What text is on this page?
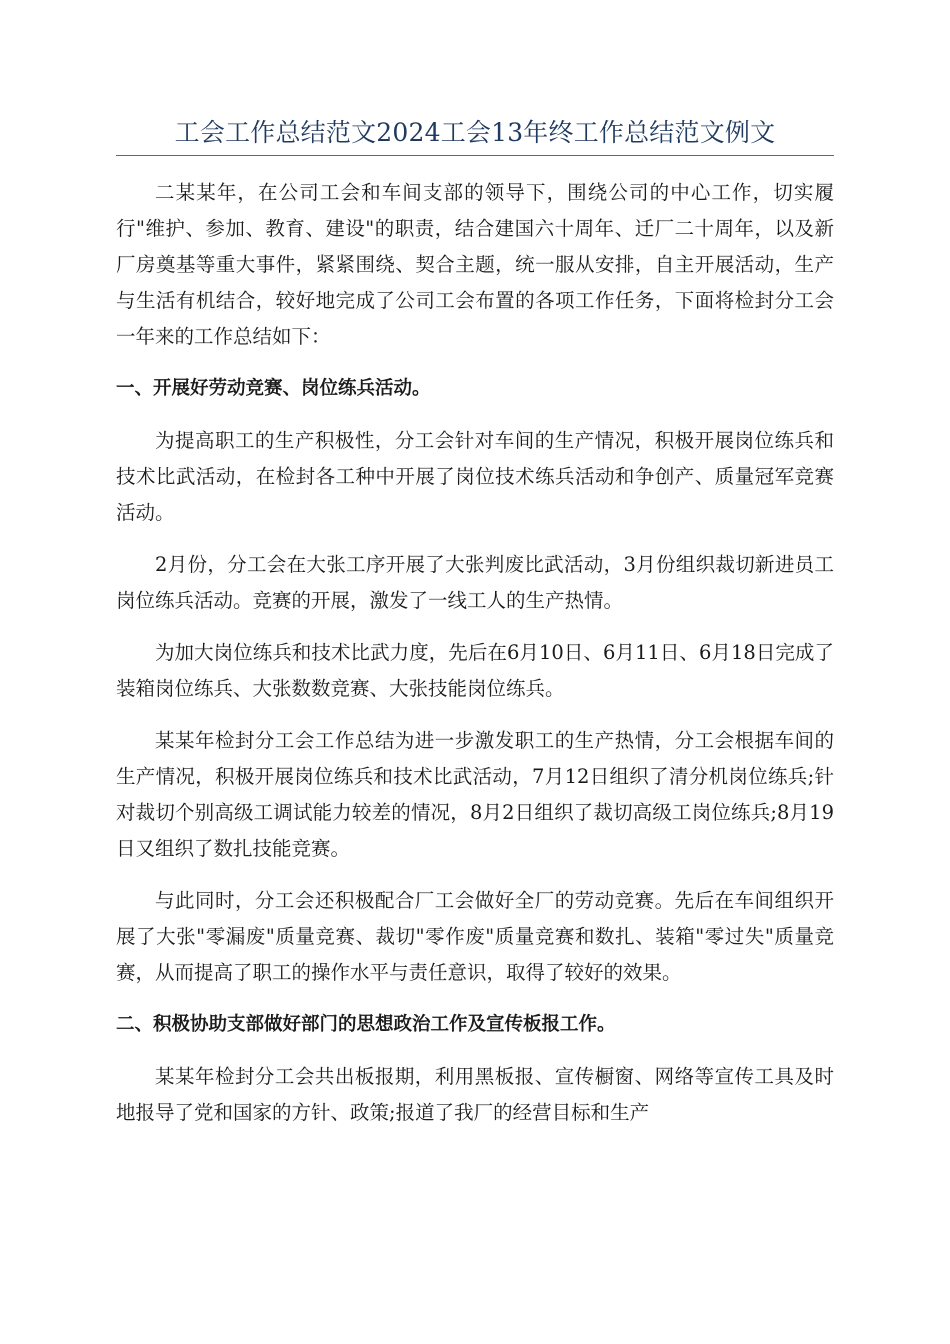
工会工作总结范文2024工会13年终工作总结范文例文

二某某年，在公司工会和车间支部的领导下，围绕公司的中心工作，切实履行"维护、参加、教育、建设"的职责，结合建国六十周年、迁厂二十周年，以及新厂房奠基等重大事件，紧紧围绕、契合主题，统一服从安排，自主开展活动，生产与生活有机结合，较好地完成了公司工会布置的各项工作任务，下面将检封分工会一年来的工作总结如下：

一、开展好劳动竞赛、岗位练兵活动。

为提高职工的生产积极性，分工会针对车间的生产情况，积极开展岗位练兵和技术比武活动，在检封各工种中开展了岗位技术练兵活动和争创产、质量冠军竞赛活动。

2月份，分工会在大张工序开展了大张判废比武活动，3月份组织裁切新进员工岗位练兵活动。竞赛的开展，激发了一线工人的生产热情。

为加大岗位练兵和技术比武力度，先后在6月10日、6月11日、6月18日完成了装箱岗位练兵、大张数数竞赛、大张技能岗位练兵。

某某年检封分工会工作总结为进一步激发职工的生产热情，分工会根据车间的生产情况，积极开展岗位练兵和技术比武活动，7月12日组织了清分机岗位练兵;针对裁切个别高级工调试能力较差的情况，8月2日组织了裁切高级工岗位练兵;8月19日又组织了数扎技能竞赛。

与此同时，分工会还积极配合厂工会做好全厂的劳动竞赛。先后在车间组织开展了大张"零漏废"质量竞赛、裁切"零作废"质量竞赛和数扎、装箱"零过失"质量竞赛，从而提高了职工的操作水平与责任意识，取得了较好的效果。

二、积极协助支部做好部门的思想政治工作及宣传板报工作。

某某年检封分工会共出板报期，利用黑板报、宣传橱窗、网络等宣传工具及时地报导了党和国家的方针、政策;报道了我厂的经营目标和生产
